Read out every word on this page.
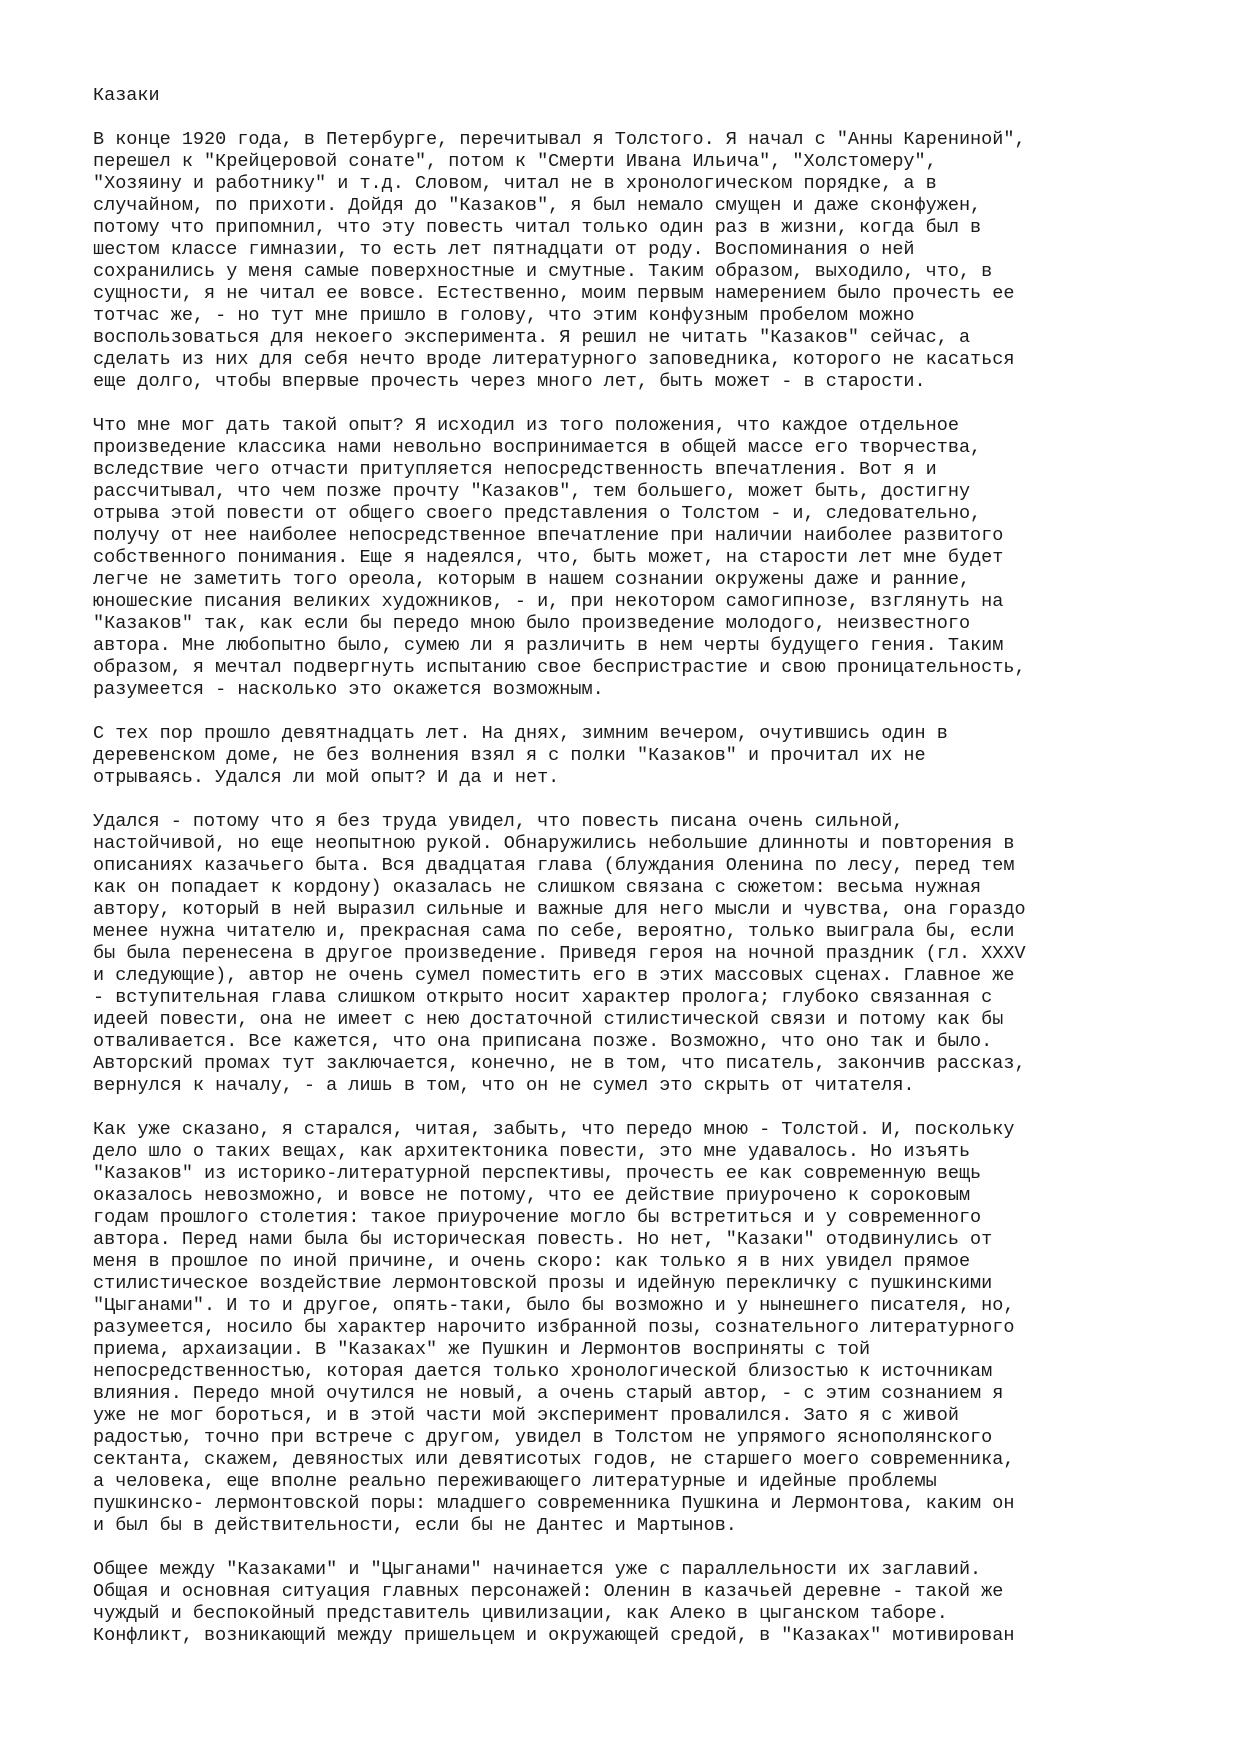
Казаки
В конце 1920 года, в Петербурге, перечитывал я Толстого. Я начал с "Анны Карениной",
перешел к "Крейцеровой сонате", потом к "Смерти Ивана Ильича", "Холстомеру",
"Хозяину и работнику" и т.д. Словом, читал не в хронологическом порядке, а в
случайном, по прихоти. Дойдя до "Казаков", я был немало смущен и даже сконфужен,
потому что припомнил, что эту повесть читал только один раз в жизни, когда был в
шестом классе гимназии, то есть лет пятнадцати от роду. Воспоминания о ней
сохранились у меня самые поверхностные и смутные. Таким образом, выходило, что, в
сущности, я не читал ее вовсе. Естественно, моим первым намерением было прочесть ее
тотчас же, - но тут мне пришло в голову, что этим конфузным пробелом можно
воспользоваться для некоего эксперимента. Я решил не читать "Казаков" сейчас, а
сделать из них для себя нечто вроде литературного заповедника, которого не касаться
еще долго, чтобы впервые прочесть через много лет, быть может - в старости.
Что мне мог дать такой опыт? Я исходил из того положения, что каждое отдельное
произведение классика нами невольно воспринимается в общей массе его творчества,
вследствие чего отчасти притупляется непосредственность впечатления. Вот я и
рассчитывал, что чем позже прочту "Казаков", тем большего, может быть, достигну
отрыва этой повести от общего своего представления о Толстом - и, следовательно,
получу от нее наиболее непосредственное впечатление при наличии наиболее развитого
собственного понимания. Еще я надеялся, что, быть может, на старости лет мне будет
легче не заметить того ореола, которым в нашем сознании окружены даже и ранние,
юношеские писания великих художников, - и, при некотором самогипнозе, взглянуть на
"Казаков" так, как если бы передо мною было произведение молодого, неизвестного
автора. Мне любопытно было, сумею ли я различить в нем черты будущего гения. Таким
образом, я мечтал подвергнуть испытанию свое беспристрастие и свою проницательность,
разумеется - насколько это окажется возможным.
С тех пор прошло девятнадцать лет. На днях, зимним вечером, очутившись один в
деревенском доме, не без волнения взял я с полки "Казаков" и прочитал их не
отрываясь. Удался ли мой опыт? И да и нет.
Удался - потому что я без труда увидел, что повесть писана очень сильной,
настойчивой, но еще неопытною рукой. Обнаружились небольшие длинноты и повторения в
описаниях казачьего быта. Вся двадцатая глава (блуждания Оленина по лесу, перед тем
как он попадает к кордону) оказалась не слишком связана с сюжетом: весьма нужная
автору, который в ней выразил сильные и важные для него мысли и чувства, она гораздо
менее нужна читателю и, прекрасная сама по себе, вероятно, только выиграла бы, если
бы была перенесена в другое произведение. Приведя героя на ночной праздник (гл. XXXV
и следующие), автор не очень сумел поместить его в этих массовых сценах. Главное же
- вступительная глава слишком открыто носит характер пролога; глубоко связанная с
идеей повести, она не имеет с нею достаточной стилистической связи и потому как бы
отваливается. Все кажется, что она приписана позже. Возможно, что оно так и было.
Авторский промах тут заключается, конечно, не в том, что писатель, закончив рассказ,
вернулся к началу, - а лишь в том, что он не сумел это скрыть от читателя.
Как уже сказано, я старался, читая, забыть, что передо мною - Толстой. И, поскольку
дело шло о таких вещах, как архитектоника повести, это мне удавалось. Но изъять
"Казаков" из историко-литературной перспективы, прочесть ее как современную вещь
оказалось невозможно, и вовсе не потому, что ее действие приурочено к сороковым
годам прошлого столетия: такое приурочение могло бы встретиться и у современного
автора. Перед нами была бы историческая повесть. Но нет, "Казаки" отодвинулись от
меня в прошлое по иной причине, и очень скоро: как только я в них увидел прямое
стилистическое воздействие лермонтовской прозы и идейную перекличку с пушкинскими
"Цыганами". И то и другое, опять-таки, было бы возможно и у нынешнего писателя, но,
разумеется, носило бы характер нарочито избранной позы, сознательного литературного
приема, архаизации. В "Казаках" же Пушкин и Лермонтов восприняты с той
непосредственностью, которая дается только хронологической близостью к источникам
влияния. Передо мной очутился не новый, а очень старый автор, - с этим сознанием я
уже не мог бороться, и в этой части мой эксперимент провалился. Зато я с живой
радостью, точно при встрече с другом, увидел в Толстом не упрямого яснополянского
сектанта, скажем, девяностых или девятисотых годов, не старшего моего современника,
а человека, еще вполне реально переживающего литературные и идейные проблемы
пушкинско- лермонтовской поры: младшего современника Пушкина и Лермонтова, каким он
и был бы в действительности, если бы не Дантес и Мартынов.
Общее между "Казаками" и "Цыганами" начинается уже с параллельности их заглавий.
Общая и основная ситуация главных персонажей: Оленин в казачьей деревне - такой же
чуждый и беспокойный представитель цивилизации, как Алеко в цыганском таборе.
Конфликт, возникающий между пришельцем и окружающей средой, в "Казаках" мотивирован
